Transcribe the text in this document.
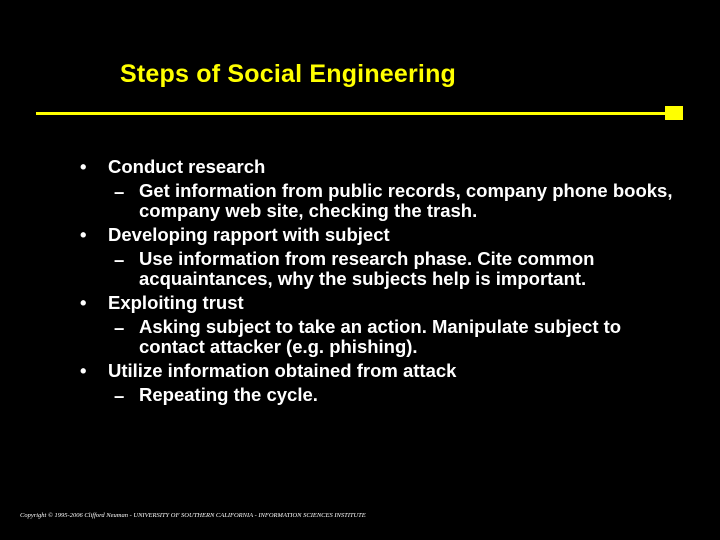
Steps of Social Engineering
• Conduct research
– Get information from public records, company phone books, company web site, checking the trash.
• Developing rapport with subject
– Use information from research phase. Cite common acquaintances, why the subjects help is important.
• Exploiting trust
– Asking subject to take an action. Manipulate subject to contact attacker (e.g. phishing).
• Utilize information obtained from attack
– Repeating the cycle.
Copyright © 1995-2006 Clifford Neuman - UNIVERSITY OF SOUTHERN CALIFORNIA - INFORMATION SCIENCES INSTITUTE
